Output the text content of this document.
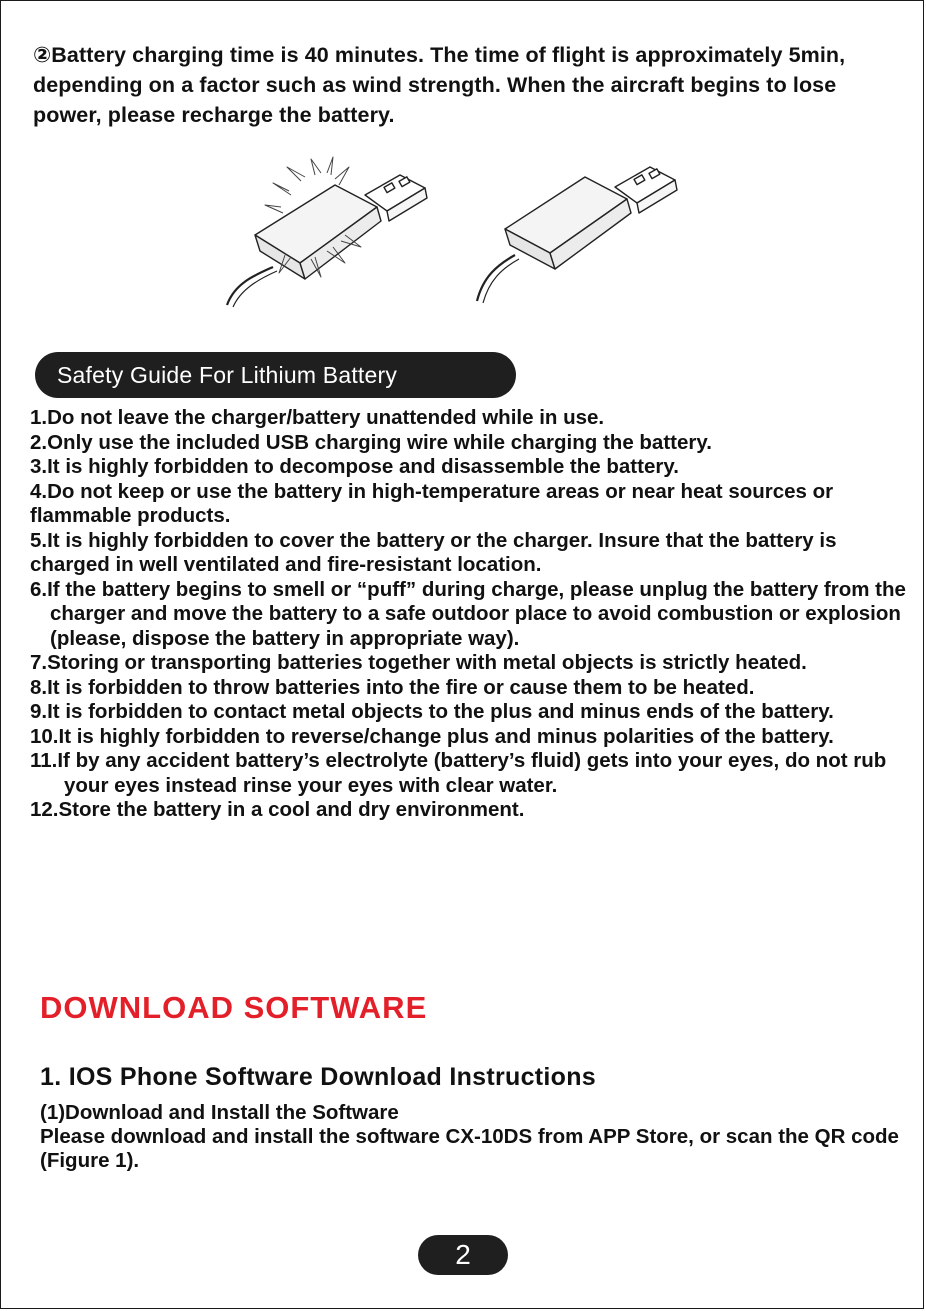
②Battery charging time is 40 minutes. The time of flight is approximately 5min, depending on a factor such as wind strength. When the aircraft begins to lose power, please recharge the battery.

Safety Guide For Lithium Battery
1.Do not leave the charger/battery unattended while in use.
2.Only use the included USB charging wire while charging the battery.
3.It is highly forbidden to decompose and disassemble the battery.
4.Do not keep or use the battery in high-temperature areas or near heat sources or flammable products.
5.It is highly forbidden to cover the battery or the charger. Insure that the battery is charged in well ventilated and fire-resistant location.
6.If the battery begins to smell or “puff” during charge, please unplug the battery from the charger and move the battery to a safe outdoor place to avoid combustion or explosion (please, dispose the battery in appropriate way).
7.Storing or transporting batteries together with metal objects is strictly heated.
8.It is forbidden to throw batteries into the fire or cause them to be heated.
9.It is forbidden to contact metal objects to the plus and minus ends of the battery.
10.It is highly forbidden to reverse/change plus and minus polarities of the battery.
11.If by any accident battery’s electrolyte (battery’s fluid) gets into your eyes, do not rub your eyes instead rinse your eyes with clear water.
12.Store the battery in a cool and dry environment.
DOWNLOAD SOFTWARE
1. IOS Phone Software Download Instructions

(1)Download and Install the Software

Please download and install the software CX-10DS from APP Store, or scan the QR code (Figure 1).

2
